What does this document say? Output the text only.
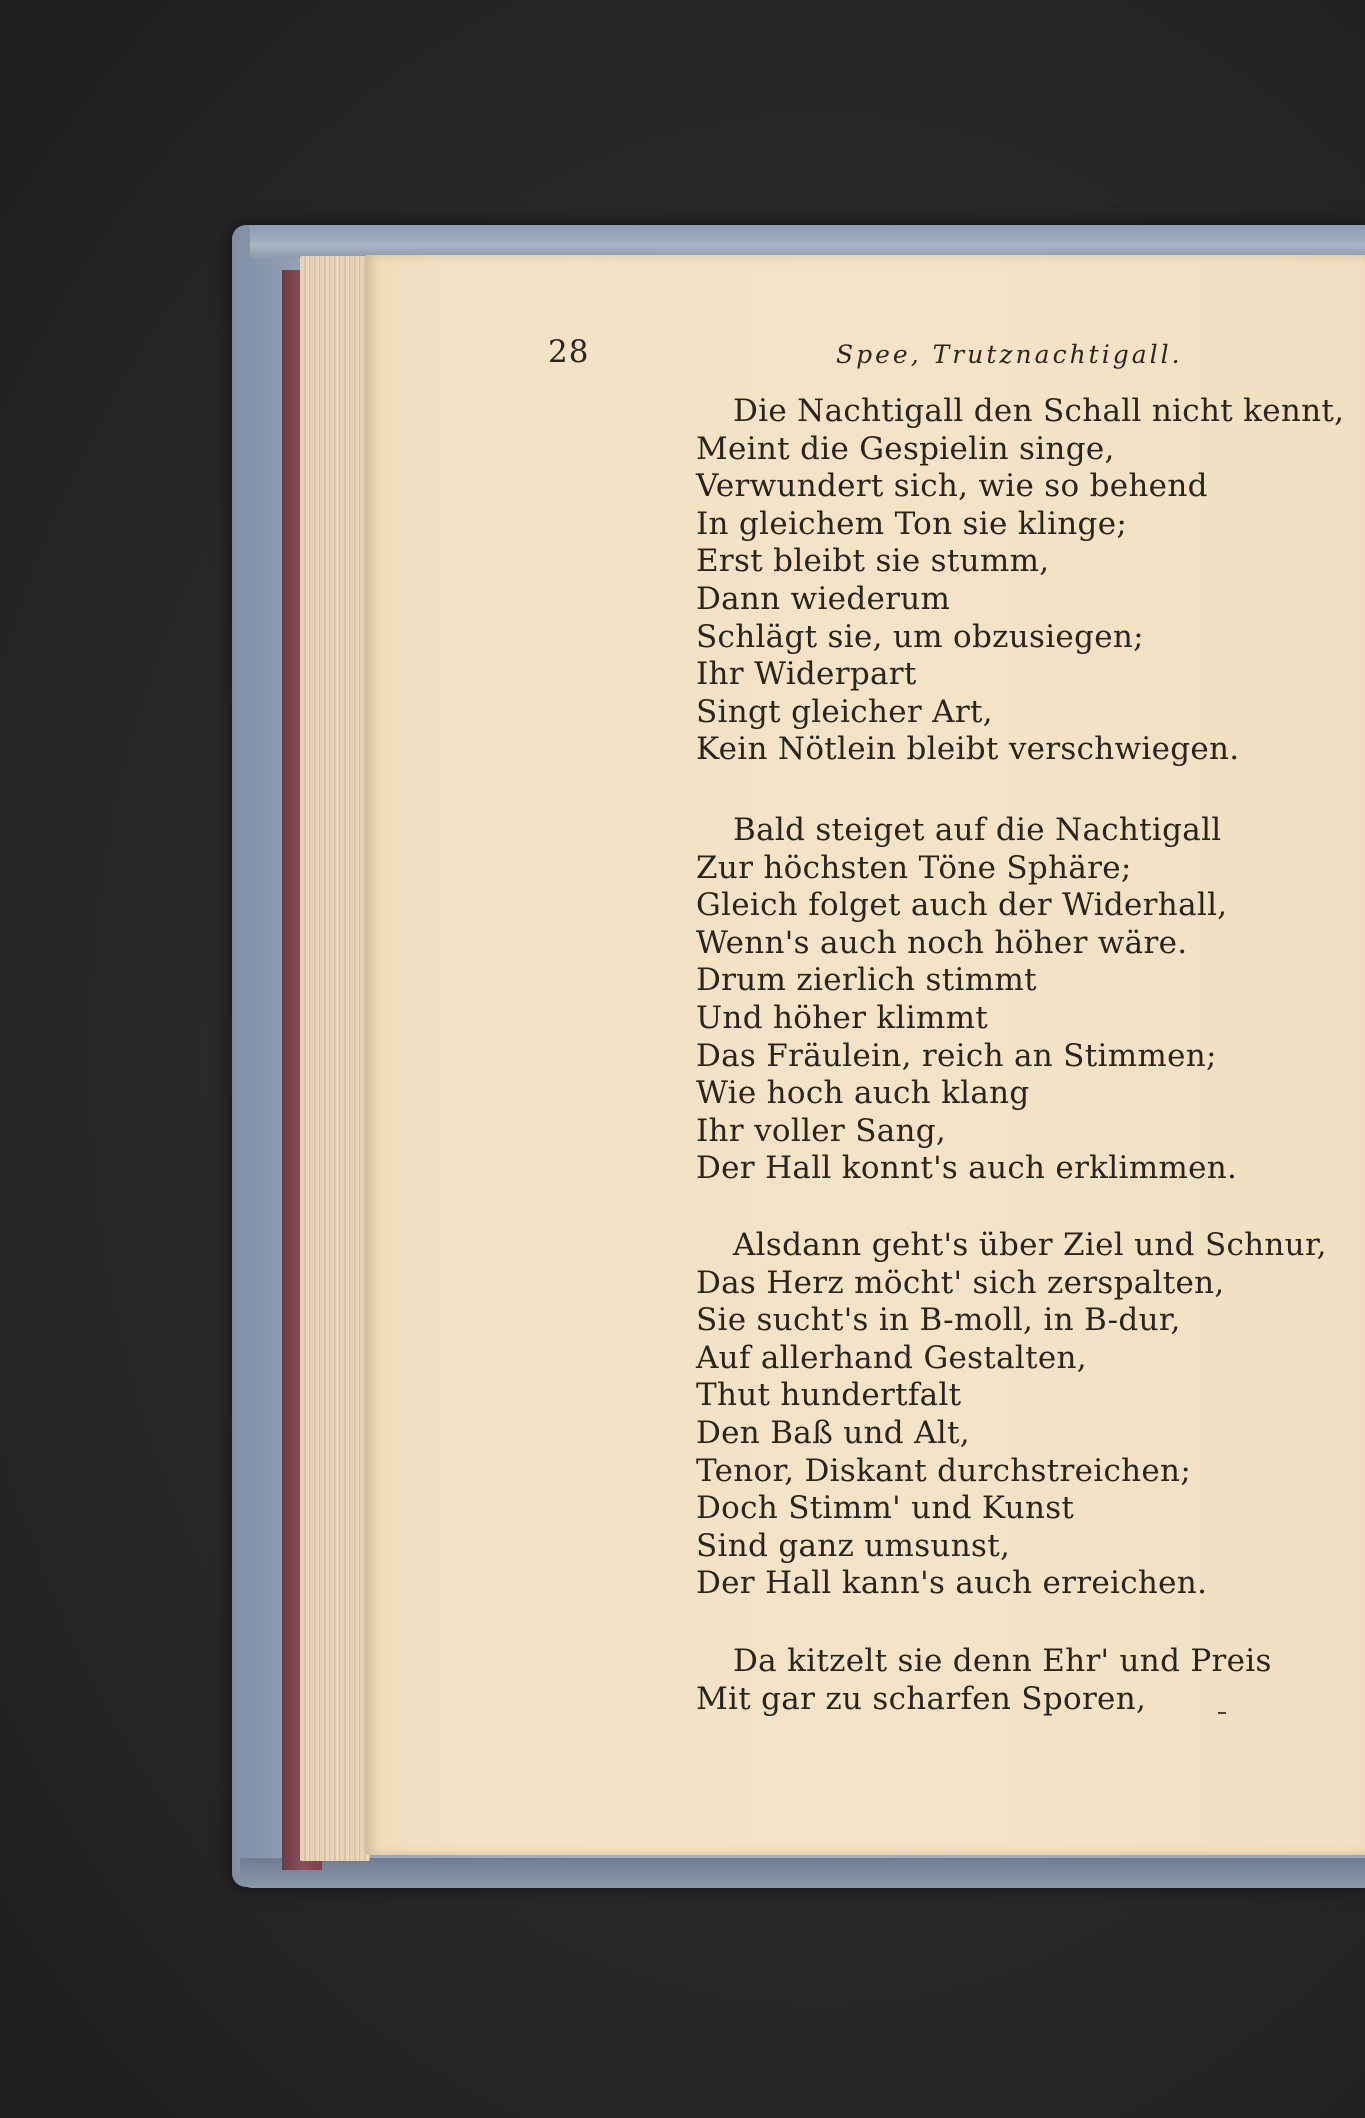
28	Spee, Trutznachtigall.
Die Nachtigall den Schall nicht kennt,
Meint die Gespielin singe,
Verwundert sich, wie so behend
In gleichem Ton sie klinge;
Erst bleibt sie stumm,
Dann wiederum
Schlägt sie, um obzusiegen;
Ihr Widerpart
Singt gleicher Art,
Kein Nötlein bleibt verschwiegen.
Bald steiget auf die Nachtigall
Zur höchsten Töne Sphäre;
Gleich folget auch der Widerhall,
Wenn's auch noch höher wäre.
Drum zierlich stimmt
Und höher klimmt
Das Fräulein, reich an Stimmen;
Wie hoch auch klang
Ihr voller Sang,
Der Hall konnt's auch erklimmen.
Alsdann geht's über Ziel und Schnur,
Das Herz möcht' sich zerspalten,
Sie sucht's in B-moll, in B-dur,
Auf allerhand Gestalten,
Thut hundertfalt
Den Baß und Alt,
Tenor, Diskant durchstreichen;
Doch Stimm' und Kunst
Sind ganz umsunst,
Der Hall kann's auch erreichen.
Da kitzelt sie denn Ehr' und Preis
Mit gar zu scharfen Sporen,
